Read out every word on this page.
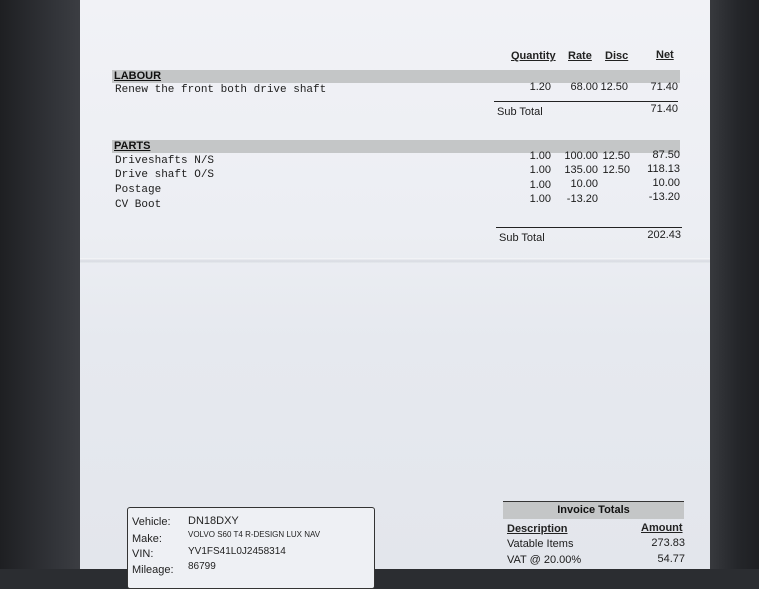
Quantity Rate Disc	Net
LABOUR
Renew the front both drive shaft	1.20	68.00 12.50	71.40
Sub Total	71.40
PARTS
Driveshafts N/S	1.00	100.00 12.50	87.50
Drive shaft O/S	1.00	135.00 12.50	118.13
Postage	1.00	10.00	10.00
CV Boot	1.00	-13.20	-13.20
Sub Total	202.43
Vehicle: DN18DXY
Make:	VOLVO S60 T4 R-DESIGN LUX NAV
VIN:	YV1FS41L0J2458314
Mileage: 86799
Invoice Totals
Description	Amount
Vatable Items	273.83
VAT @ 20.00%	54.77
